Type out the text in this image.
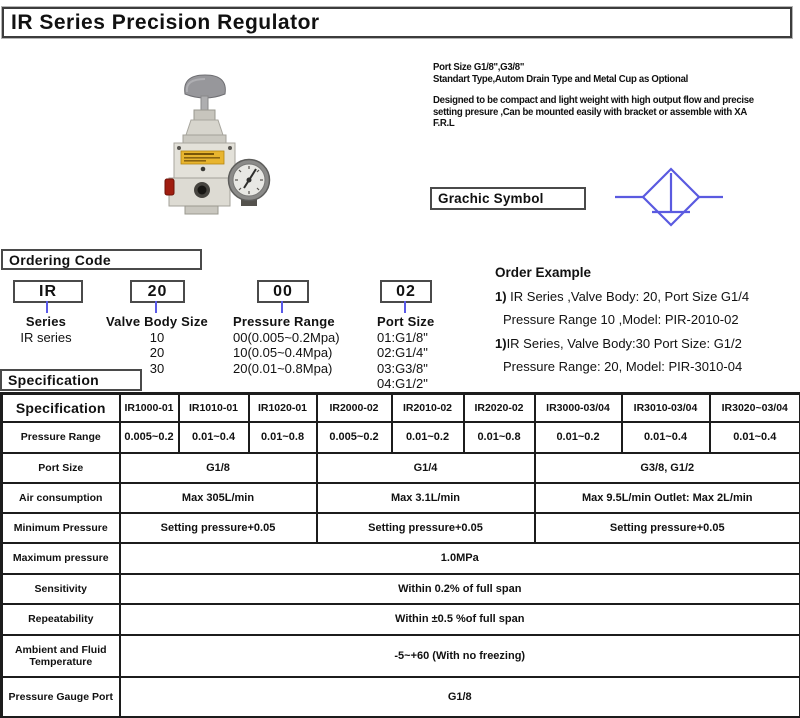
IR Series Precision Regulator
Port Size G1/8",G3/8"
Standart Type,Autom Drain Type and Metal Cup as Optional
Designed to be compact and light weight with high output flow and precise
setting presure ,Can be mounted easily with bracket or assemble with XA
F.R.L
Grachic Symbol
Ordering Code
IR	20	00	02
Series
IR series
Valve Body Size
10
20
30
Pressure Range
00(0.005~0.2Mpa)
10(0.05~0.4Mpa)
20(0.01~0.8Mpa)
Port Size
01:G1/8"
02:G1/4"
03:G3/8"
04:G1/2"
Order Example
1) IR Series ,Valve Body: 20, Port Size G1/4
Pressure Range 10 ,Model: PIR-2010-02
1)IR Series, Valve Body:30 Port Size: G1/2
Pressure Range: 20, Model: PIR-3010-04
Specification
Specification	IR1000-01	IR1010-01	IR1020-01	IR2000-02	IR2010-02	IR2020-02	IR3000-03/04	IR3010-03/04	IR3020~03/04
Pressure Range	0.005~0.2	0.01~0.4	0.01~0.8	0.005~0.2	0.01~0.2	0.01~0.8	0.01~0.2	0.01~0.4	0.01~0.4
Port Size	G1/8			G1/4			G3/8, G1/2		
Air consumption	Max 305L/min			Max 3.1L/min			Max 9.5L/min Outlet: Max 2L/min		
Minimum Pressure	Setting pressure+0.05			Setting pressure+0.05			Setting pressure+0.05		
Maximum pressure	1.0MPa								
Sensitivity	Within 0.2% of full span								
Repeatability	Within ±0.5 %of full span								
Ambient and Fluid Temperature	-5~+60 (With no freezing)								
Pressure Gauge Port	G1/8								
